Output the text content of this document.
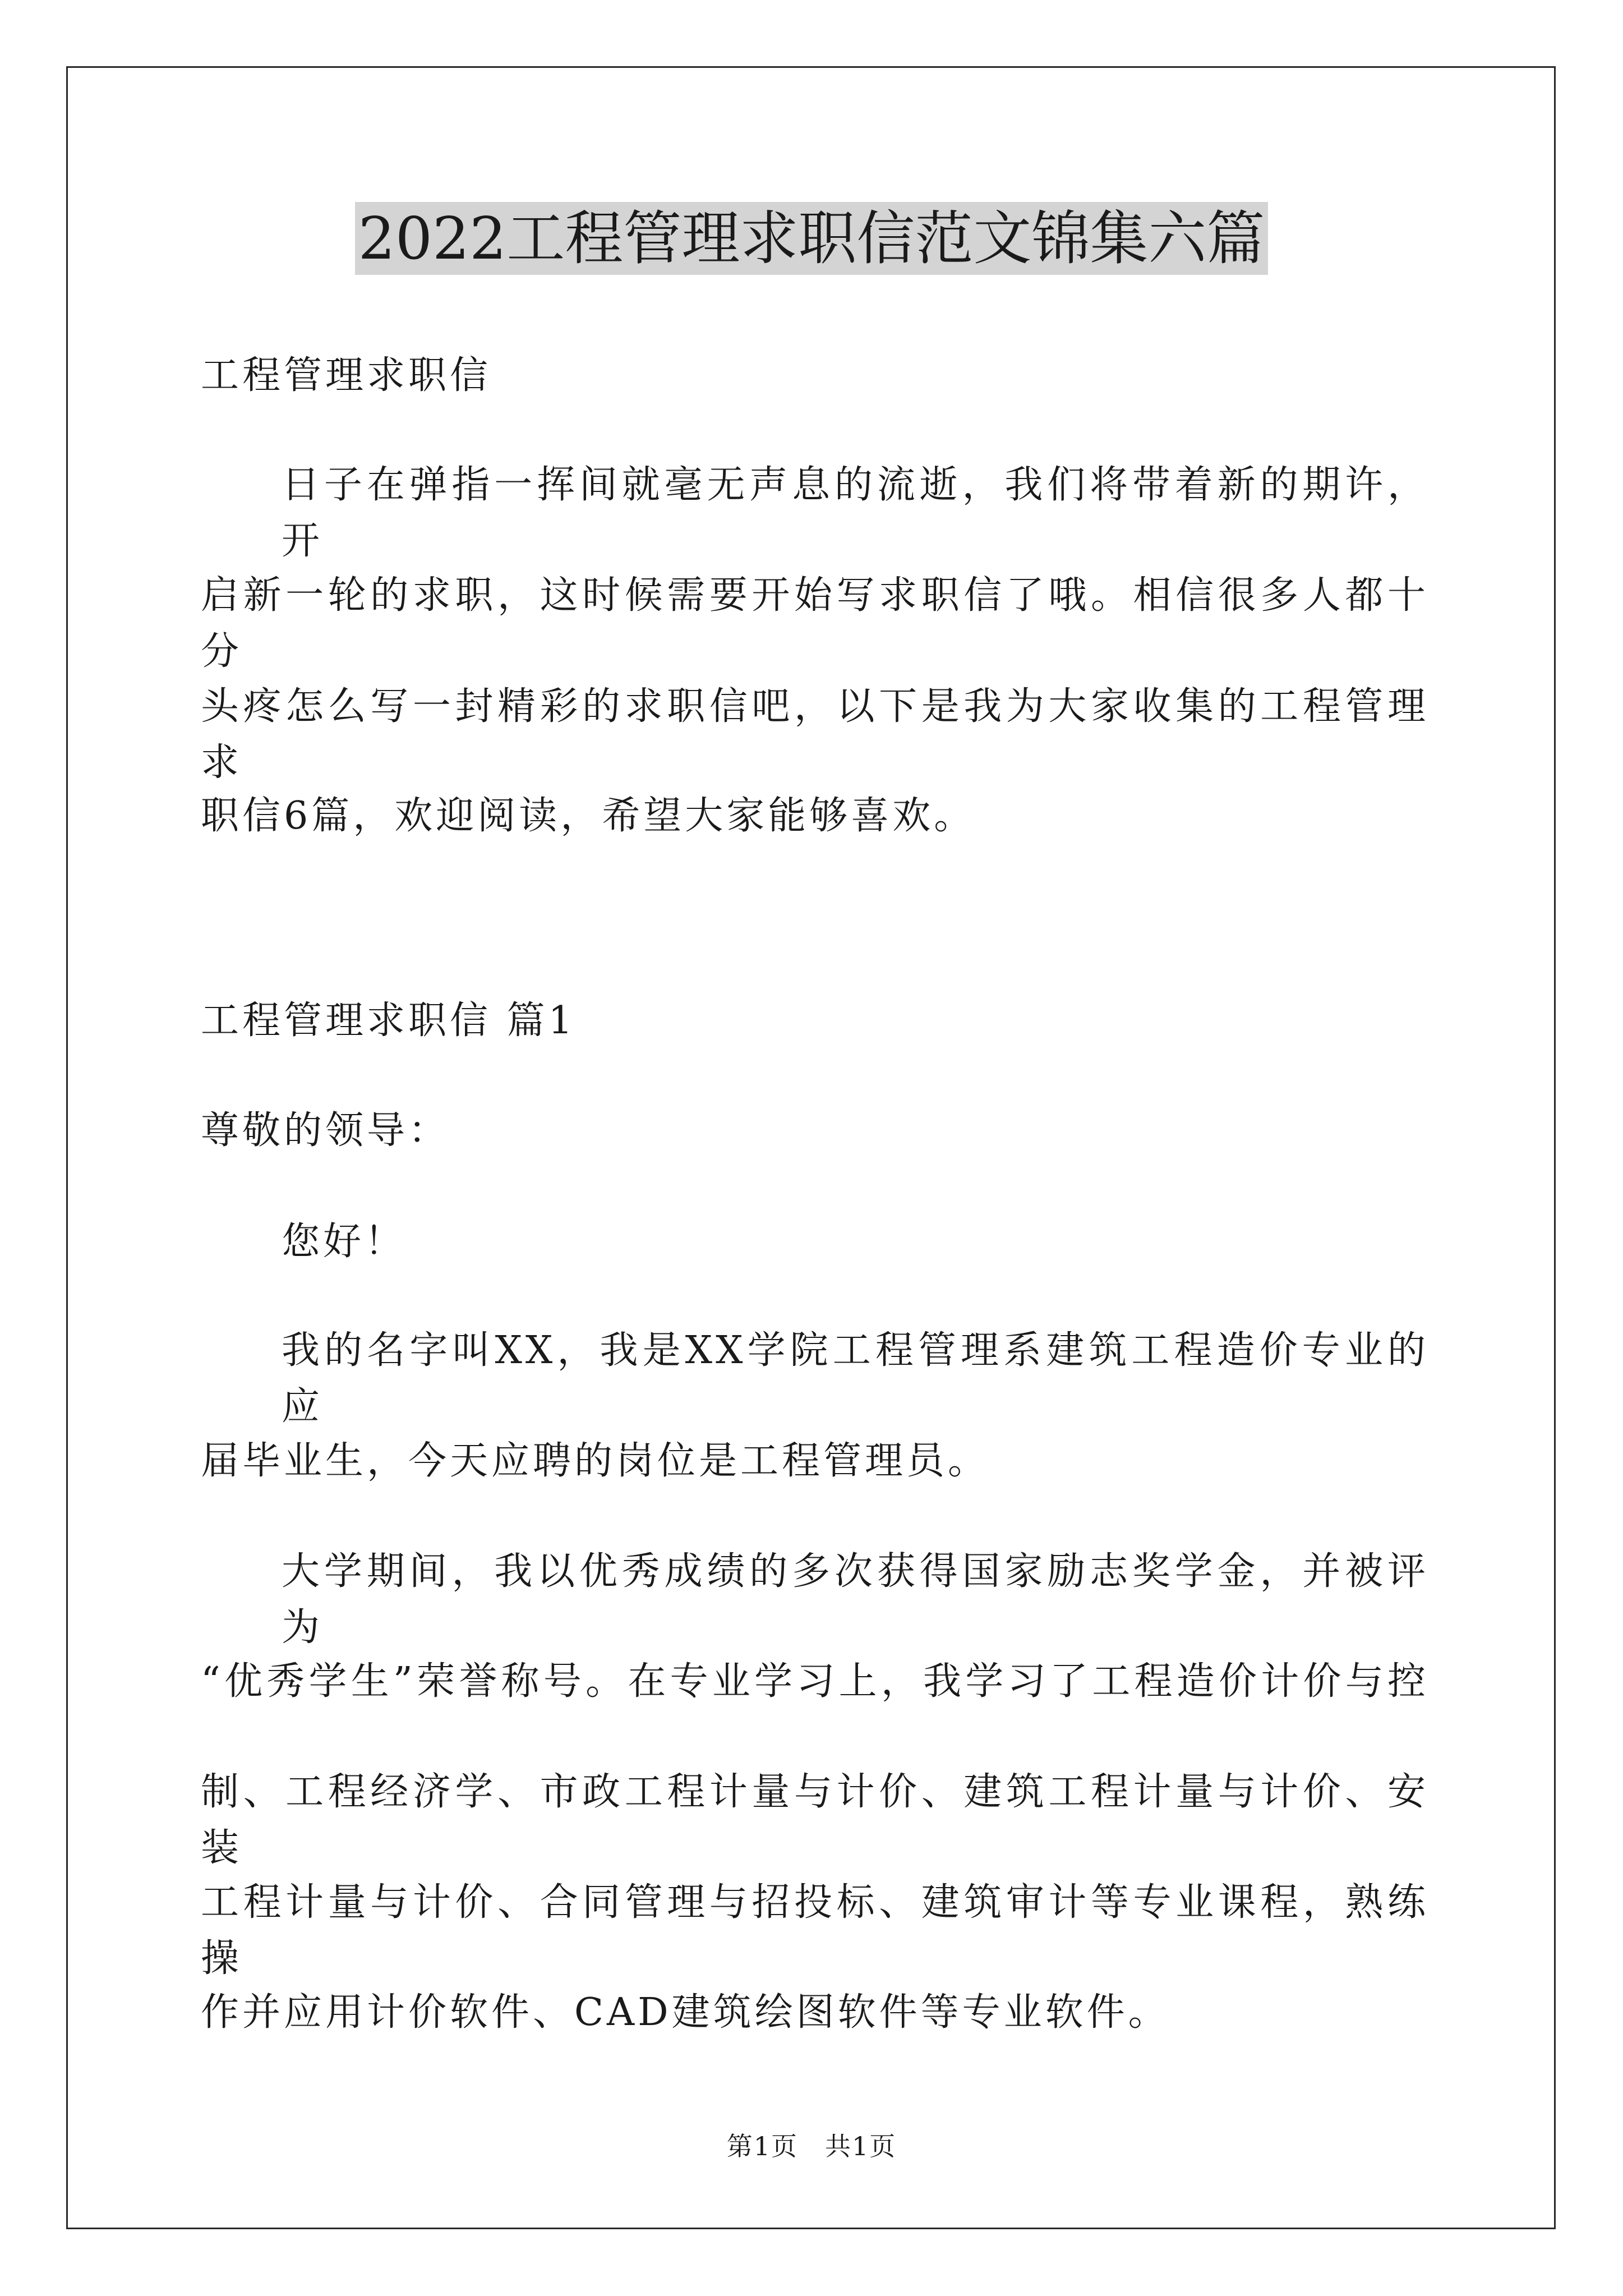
2022工程管理求职信范文锦集六篇
工程管理求职信
日子在弹指一挥间就毫无声息的流逝，我们将带着新的期许，开
启新一轮的求职，这时候需要开始写求职信了哦。相信很多人都十分
头疼怎么写一封精彩的求职信吧，以下是我为大家收集的工程管理求
职信6篇，欢迎阅读，希望大家能够喜欢。
工程管理求职信 篇1
尊敬的领导：
您好！
我的名字叫XX，我是XX学院工程管理系建筑工程造价专业的应
届毕业生，今天应聘的岗位是工程管理员。
大学期间，我以优秀成绩的多次获得国家励志奖学金，并被评为
“优秀学生”荣誉称号。在专业学习上，我学习了工程造价计价与控
制、工程经济学、市政工程计量与计价、建筑工程计量与计价、安装
工程计量与计价、合同管理与招投标、建筑审计等专业课程，熟练操
作并应用计价软件、CAD建筑绘图软件等专业软件。
第1页　共1页
